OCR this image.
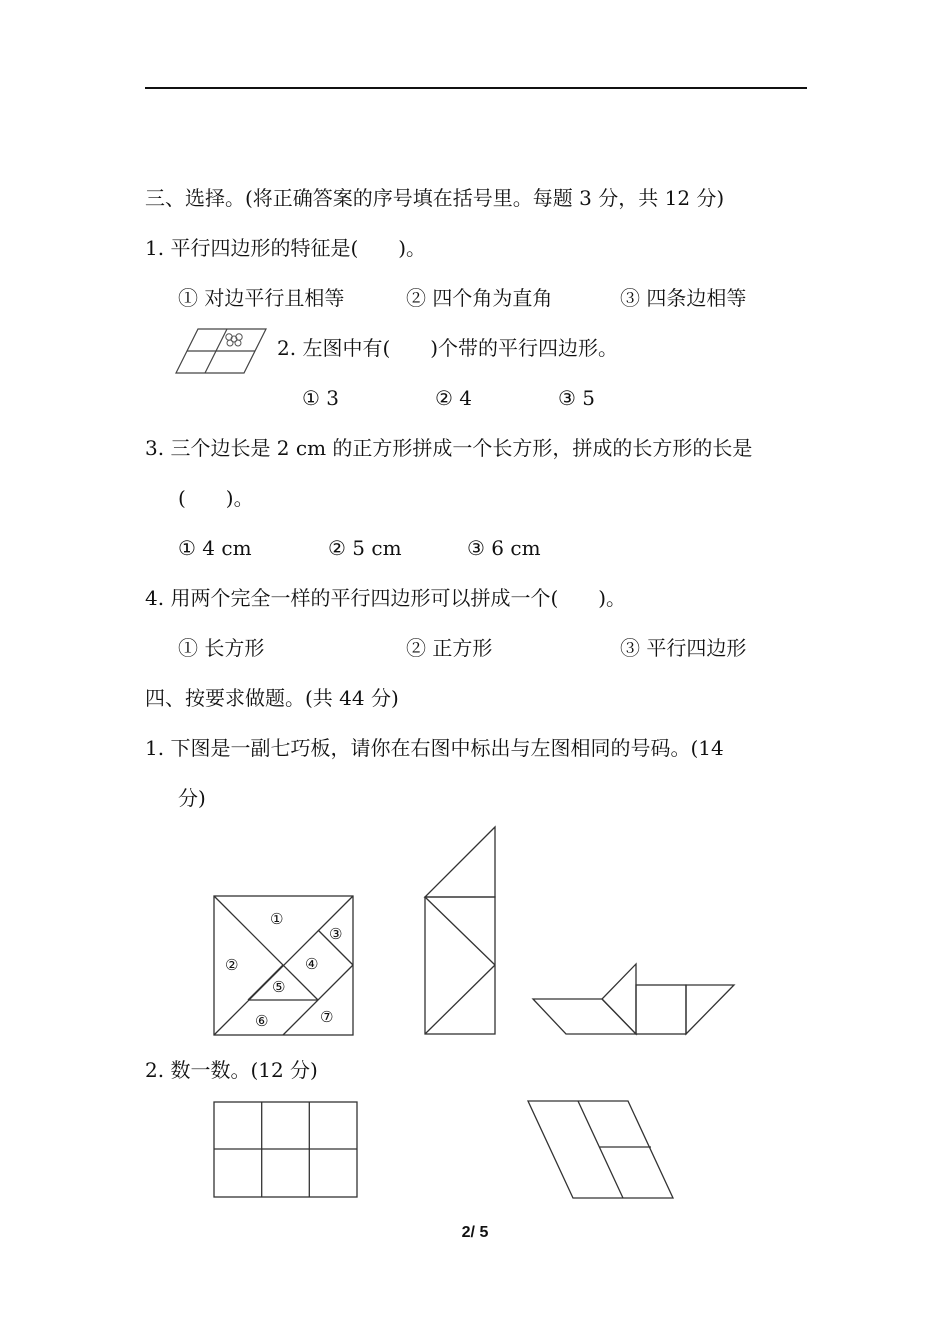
三、选择。(将正确答案的序号填在括号里。每题 3 分，共 12 分)
1. 平行四边形的特征是(　　)。
① 对边平行且相等	② 四个角为直角	③ 四条边相等
2. 左图中有(　　)个带的平行四边形。
① 3	② 4	③ 5
3. 三个边长是 2 cm 的正方形拼成一个长方形，拼成的长方形的长是
(　　)。
① 4 cm	② 5 cm	③ 6 cm
4. 用两个完全一样的平行四边形可以拼成一个(　　)。
① 长方形	② 正方形	③ 平行四边形
四、按要求做题。(共 44 分)
1. 下图是一副七巧板，请你在右图中标出与左图相同的号码。(14
分)
①
②
③
④
⑤
⑥	⑦
2. 数一数。(12 分)
2/ 5
